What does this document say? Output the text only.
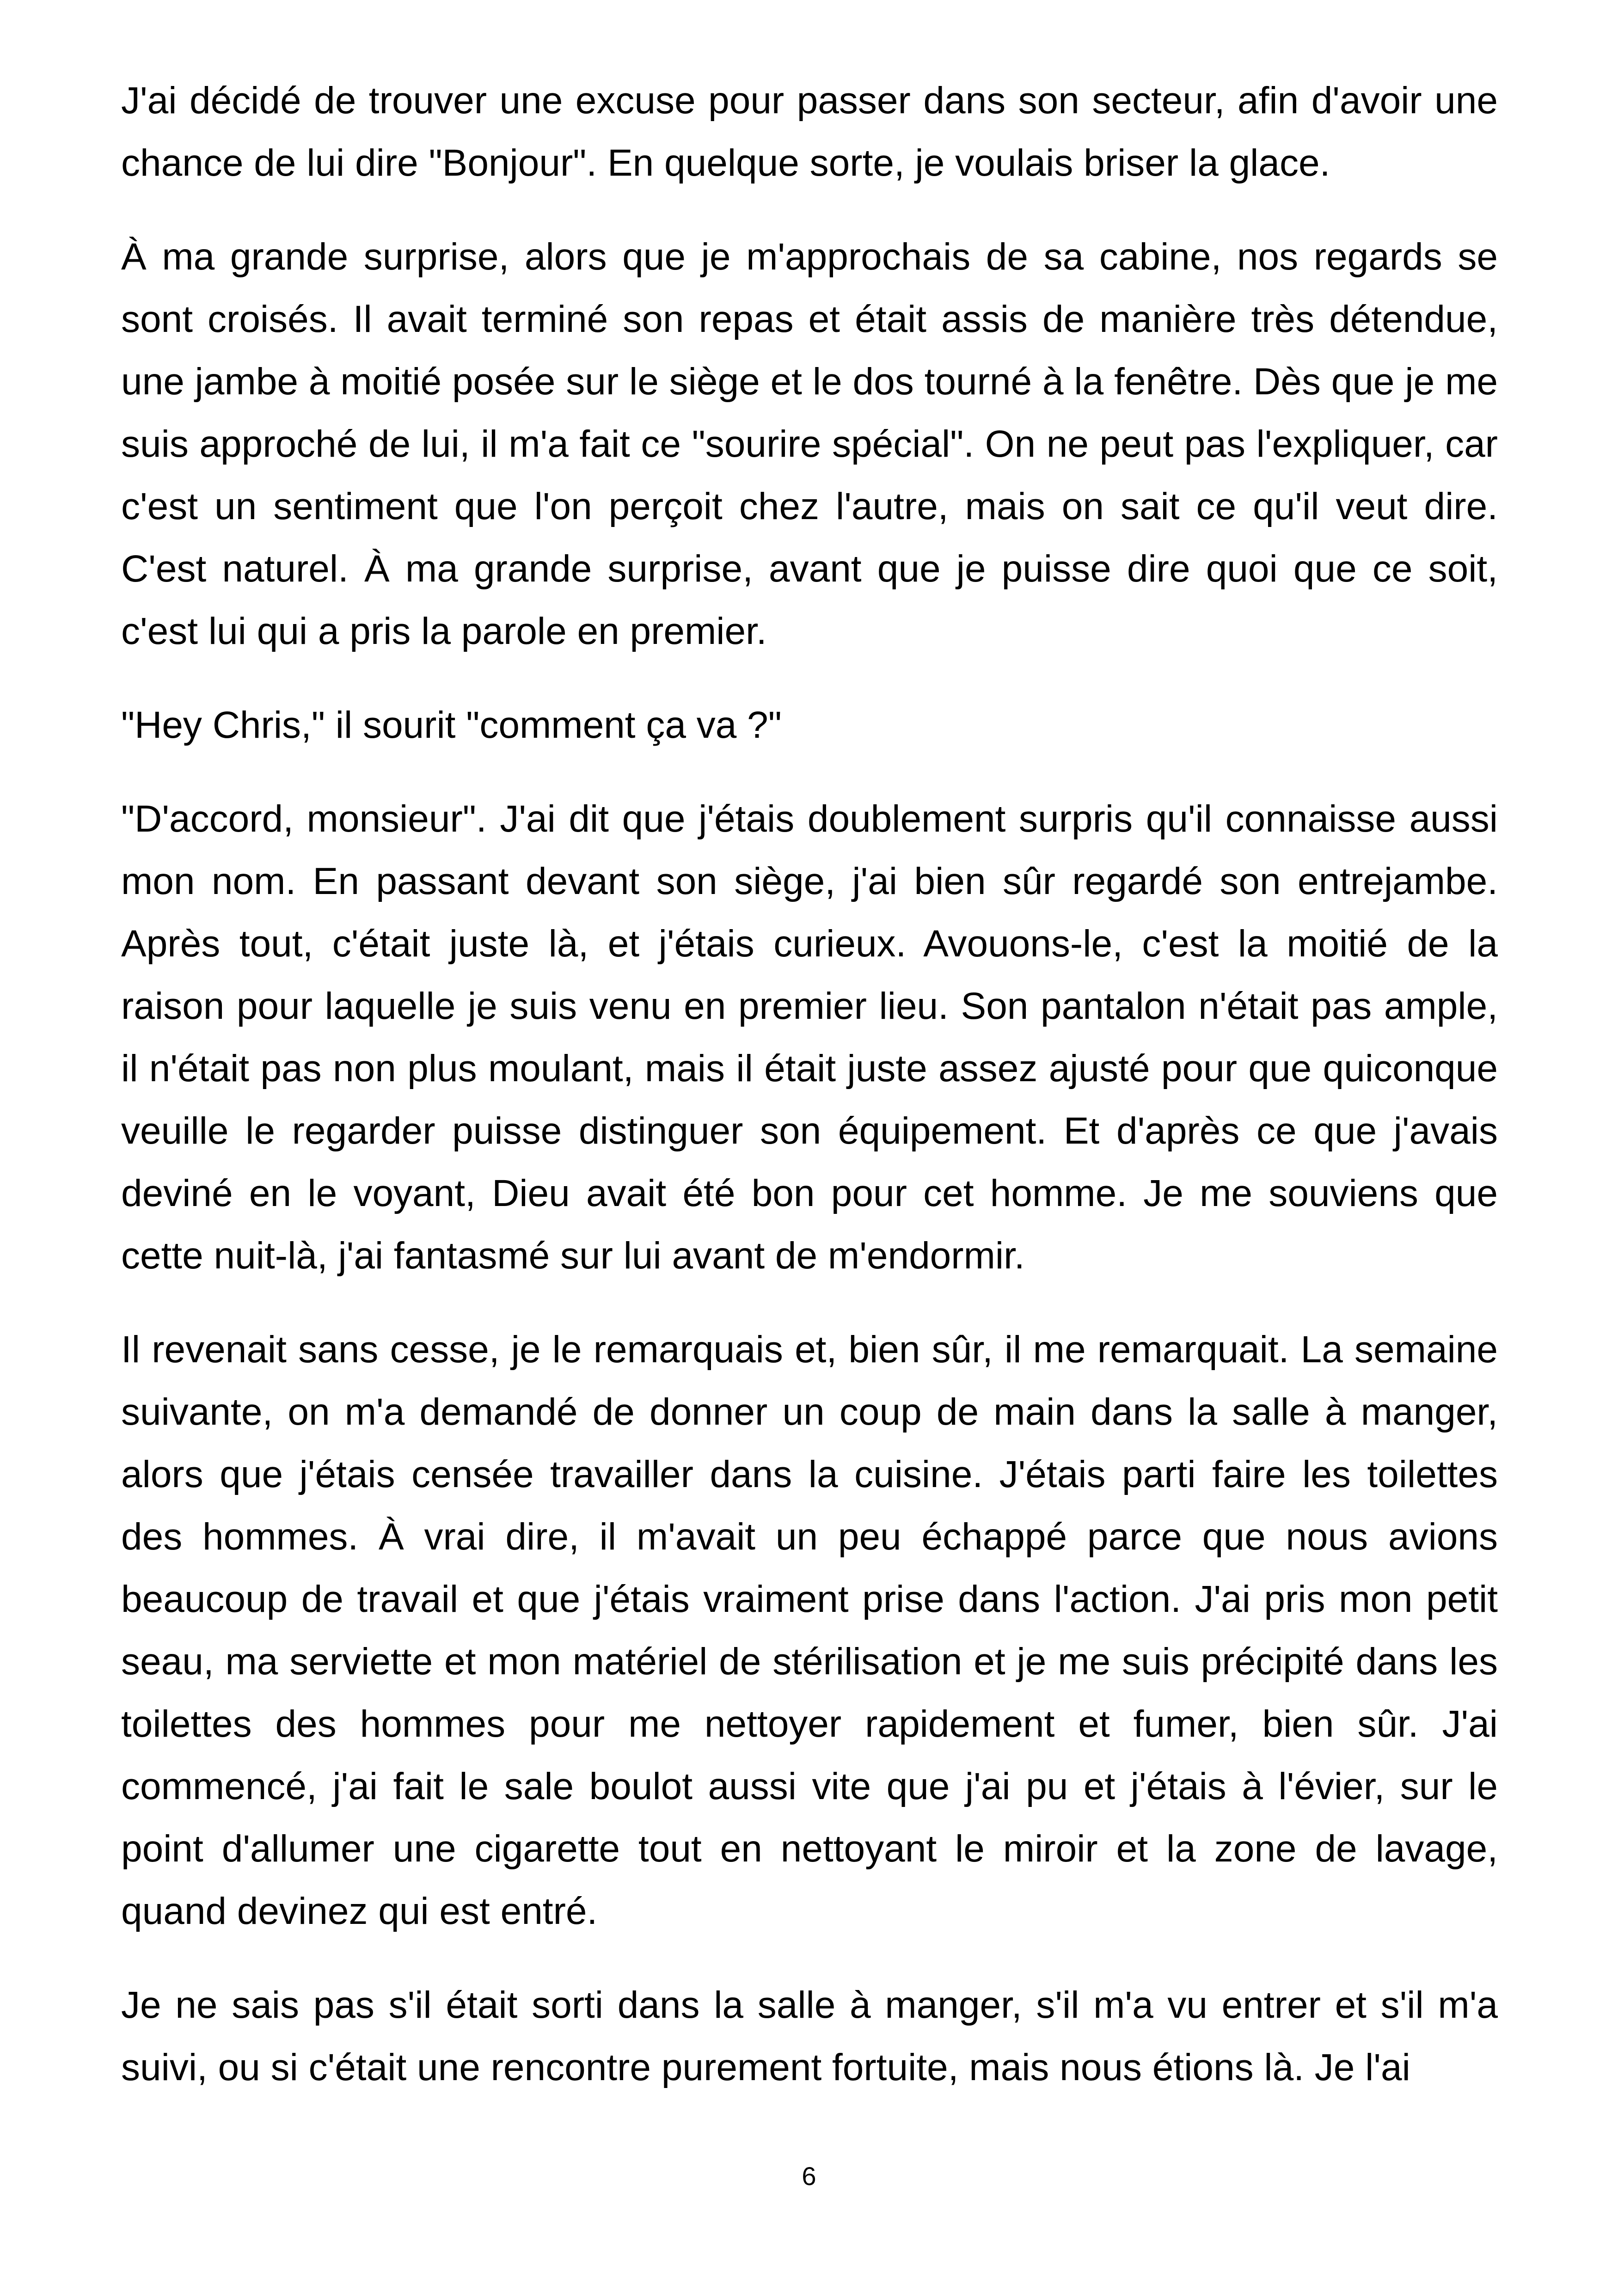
J'ai décidé de trouver une excuse pour passer dans son secteur, afin d'avoir une chance de lui dire "Bonjour". En quelque sorte, je voulais briser la glace.

À ma grande surprise, alors que je m'approchais de sa cabine, nos regards se sont croisés. Il avait terminé son repas et était assis de manière très détendue, une jambe à moitié posée sur le siège et le dos tourné à la fenêtre. Dès que je me suis approché de lui, il m'a fait ce "sourire spécial". On ne peut pas l'expliquer, car c'est un sentiment que l'on perçoit chez l'autre, mais on sait ce qu'il veut dire. C'est naturel. À ma grande surprise, avant que je puisse dire quoi que ce soit, c'est lui qui a pris la parole en premier.

"Hey Chris," il sourit "comment ça va ?"

"D'accord, monsieur". J'ai dit que j'étais doublement surpris qu'il connaisse aussi mon nom. En passant devant son siège, j'ai bien sûr regardé son entrejambe. Après tout, c'était juste là, et j'étais curieux. Avouons-le, c'est la moitié de la raison pour laquelle je suis venu en premier lieu. Son pantalon n'était pas ample, il n'était pas non plus moulant, mais il était juste assez ajusté pour que quiconque veuille le regarder puisse distinguer son équipement. Et d'après ce que j'avais deviné en le voyant, Dieu avait été bon pour cet homme. Je me souviens que cette nuit-là, j'ai fantasmé sur lui avant de m'endormir.

Il revenait sans cesse, je le remarquais et, bien sûr, il me remarquait. La semaine suivante, on m'a demandé de donner un coup de main dans la salle à manger, alors que j'étais censée travailler dans la cuisine. J'étais parti faire les toilettes des hommes. À vrai dire, il m'avait un peu échappé parce que nous avions beaucoup de travail et que j'étais vraiment prise dans l'action. J'ai pris mon petit seau, ma serviette et mon matériel de stérilisation et je me suis précipité dans les toilettes des hommes pour me nettoyer rapidement et fumer, bien sûr. J'ai commencé, j'ai fait le sale boulot aussi vite que j'ai pu et j'étais à l'évier, sur le point d'allumer une cigarette tout en nettoyant le miroir et la zone de lavage, quand devinez qui est entré.

Je ne sais pas s'il était sorti dans la salle à manger, s'il m'a vu entrer et s'il m'a suivi, ou si c'était une rencontre purement fortuite, mais nous étions là. Je l'ai

6
